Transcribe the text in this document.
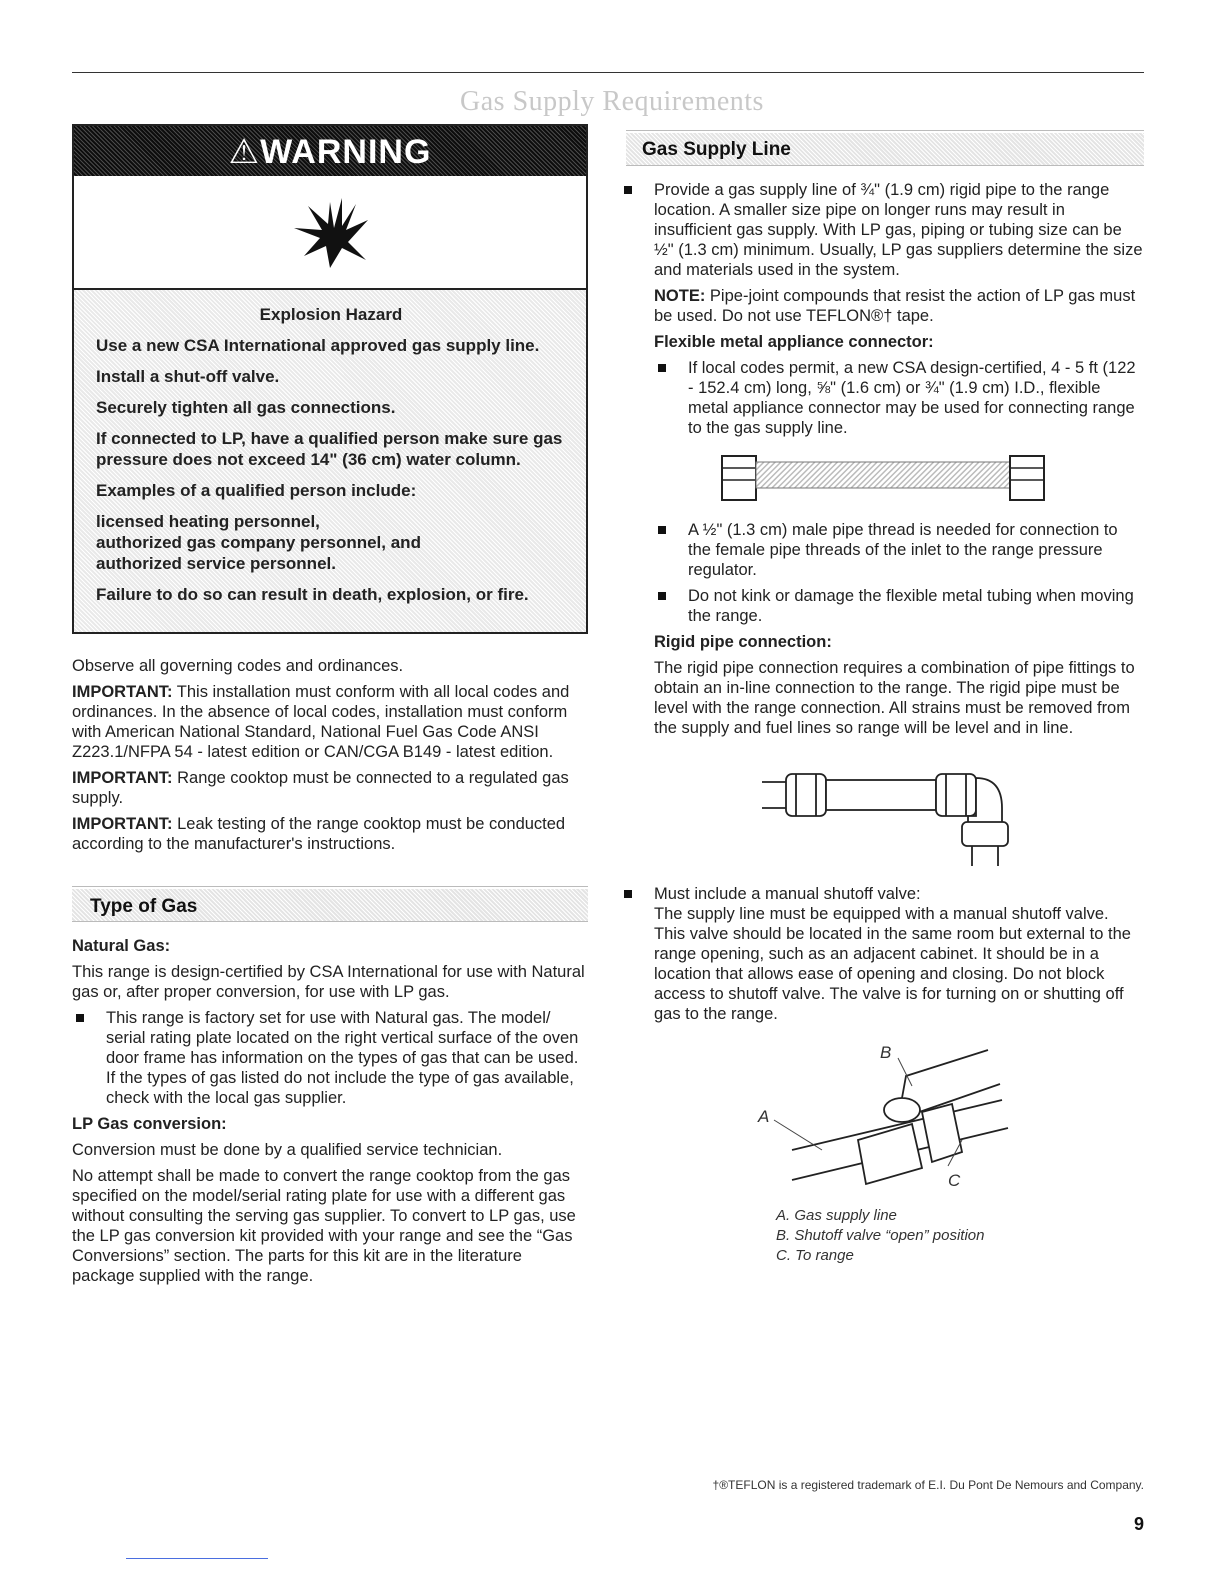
Gas Supply Requirements
⚠WARNING

Explosion Hazard

Use a new CSA International approved gas supply line.

Install a shut-off valve.

Securely tighten all gas connections.

If connected to LP, have a qualified person make sure gas pressure does not exceed 14" (36 cm) water column.

Examples of a qualified person include:

licensed heating personnel,

authorized gas company personnel, and

authorized service personnel.

Failure to do so can result in death, explosion, or fire.

Observe all governing codes and ordinances.

IMPORTANT: This installation must conform with all local codes and ordinances. In the absence of local codes, installation must conform with American National Standard, National Fuel Gas Code ANSI Z223.1/NFPA 54 - latest edition or CAN/CGA B149 - latest edition.

IMPORTANT: Range cooktop must be connected to a regulated gas supply.

IMPORTANT: Leak testing of the range cooktop must be conducted according to the manufacturer's instructions.

Type of Gas

Natural Gas:

This range is design-certified by CSA International for use with Natural gas or, after proper conversion, for use with LP gas.

This range is factory set for use with Natural gas. The model/ serial rating plate located on the right vertical surface of the oven door frame has information on the types of gas that can be used. If the types of gas listed do not include the type of gas available, check with the local gas supplier.

LP Gas conversion:

Conversion must be done by a qualified service technician.

No attempt shall be made to convert the range cooktop from the gas specified on the model/serial rating plate for use with a different gas without consulting the serving gas supplier. To convert to LP gas, use the LP gas conversion kit provided with your range and see the “Gas Conversions” section. The parts for this kit are in the literature package supplied with the range.

Gas Supply Line
Provide a gas supply line of ¾" (1.9 cm) rigid pipe to the range location. A smaller size pipe on longer runs may result in insufficient gas supply. With LP gas, piping or tubing size can be ½" (1.3 cm) minimum. Usually, LP gas suppliers determine the size and materials used in the system.

NOTE: Pipe-joint compounds that resist the action of LP gas must be used. Do not use TEFLON®† tape.

Flexible metal appliance connector:

If local codes permit, a new CSA design-certified, 4 - 5 ft (122 - 152.4 cm) long, ⅝" (1.6 cm) or ¾" (1.9 cm) I.D., flexible metal appliance connector may be used for connecting range to the gas supply line.
A ½" (1.3 cm) male pipe thread is needed for connection to the female pipe threads of the inlet to the range pressure regulator.
Do not kink or damage the flexible metal tubing when moving the range.

Rigid pipe connection:

The rigid pipe connection requires a combination of pipe fittings to obtain an in-line connection to the range. The rigid pipe must be level with the range connection. All strains must be removed from the supply and fuel lines so range will be level and in line.

Must include a manual shutoff valve:
The supply line must be equipped with a manual shutoff valve. This valve should be located in the same room but external to the range opening, such as an adjacent cabinet. It should be in a location that allows ease of opening and closing. Do not block access to shutoff valve. The valve is for turning on or shutting off gas to the range.
B
A
C
A. Gas supply line
B. Shutoff valve “open” position
C. To range
†®TEFLON is a registered trademark of E.I. Du Pont De Nemours and Company.
9
